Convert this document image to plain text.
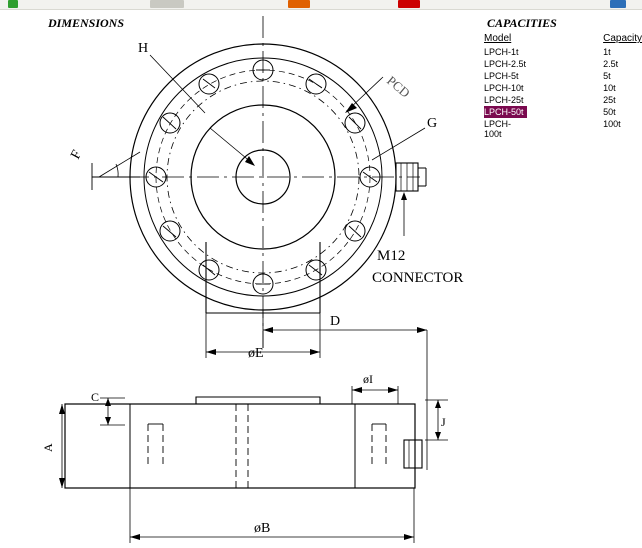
DIMENSIONS	CAPACITIES
Model	Capacity
LPCH-1t	1t
LPCH-2.5t	2.5t
LPCH-5t	5t
LPCH-10t	10t
LPCH-25t	25t
LPCH-50t	50t
LPCH-100t	100t
H
G
F
PCD
M12
CONNECTOR
D
øE
C
A
øI
J
øB
